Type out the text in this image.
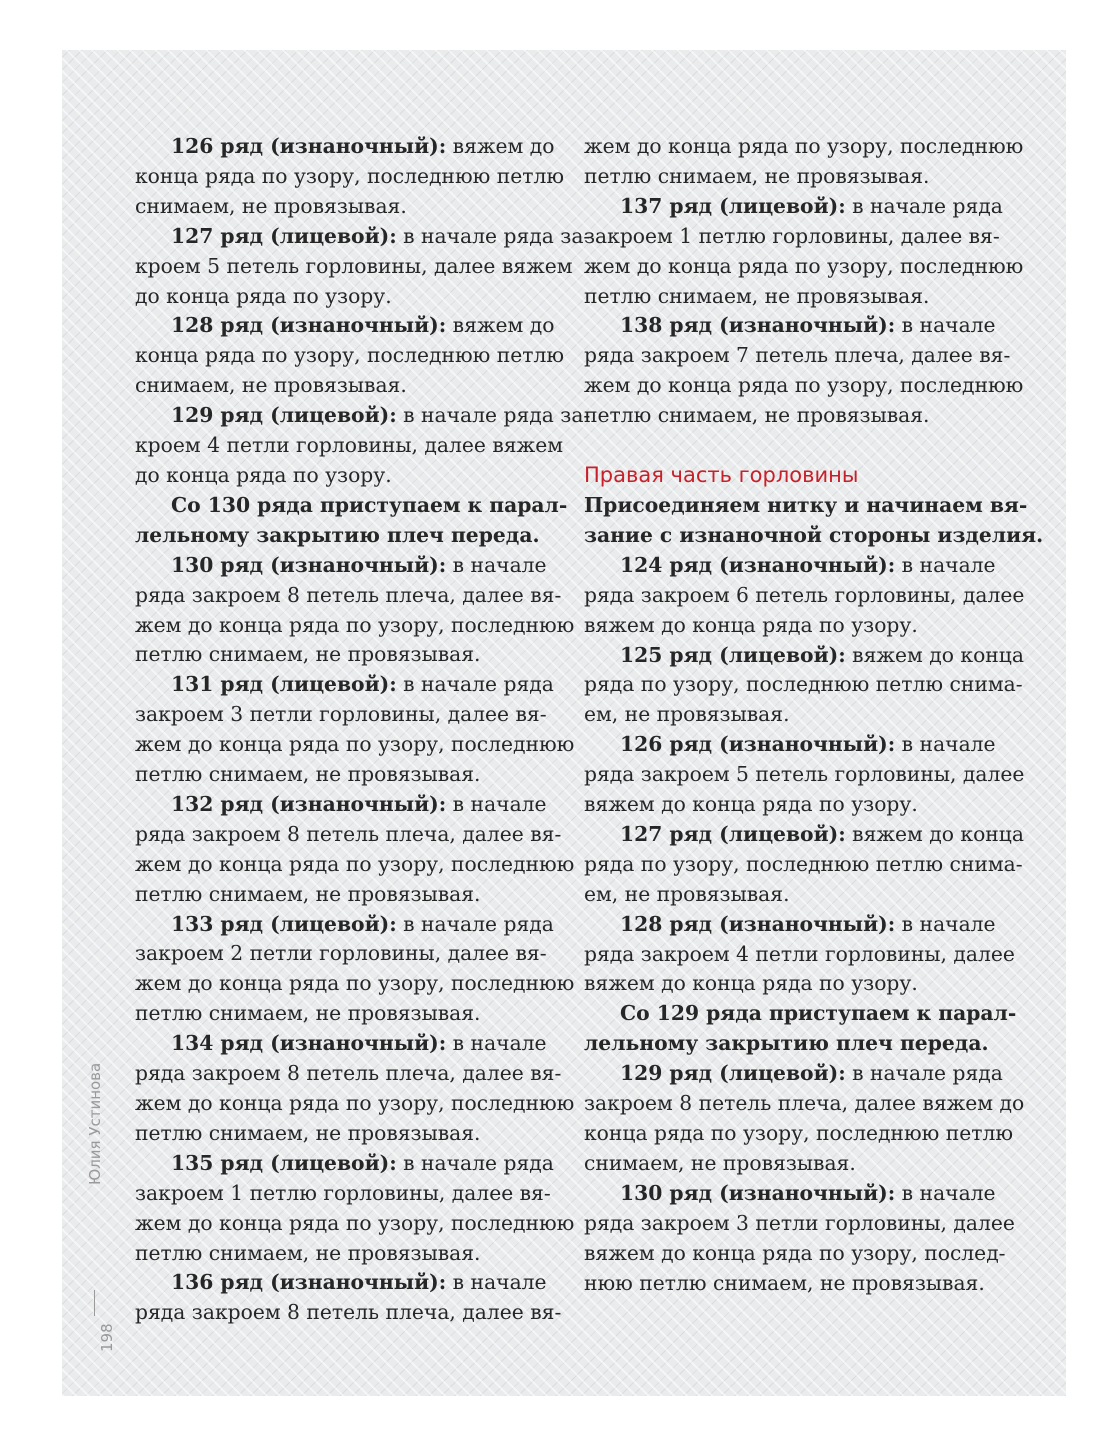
126 ряд (изнаночный): вяжем до
конца ряда по узору, последнюю петлю
снимаем, не провязывая.
127 ряд (лицевой): в начале ряда за-
кроем 5 петель горловины, далее вяжем
до конца ряда по узору.
128 ряд (изнаночный): вяжем до
конца ряда по узору, последнюю петлю
снимаем, не провязывая.
129 ряд (лицевой): в начале ряда за-
кроем 4 петли горловины, далее вяжем
до конца ряда по узору.
Со 130 ряда приступаем к парал-
лельному закрытию плеч переда.
130 ряд (изнаночный): в начале
ряда закроем 8 петель плеча, далее вя-
жем до конца ряда по узору, последнюю
петлю снимаем, не провязывая.
131 ряд (лицевой): в начале ряда
закроем 3 петли горловины, далее вя-
жем до конца ряда по узору, последнюю
петлю снимаем, не провязывая.
132 ряд (изнаночный): в начале
ряда закроем 8 петель плеча, далее вя-
жем до конца ряда по узору, последнюю
петлю снимаем, не провязывая.
133 ряд (лицевой): в начале ряда
закроем 2 петли горловины, далее вя-
жем до конца ряда по узору, последнюю
петлю снимаем, не провязывая.
134 ряд (изнаночный): в начале
ряда закроем 8 петель плеча, далее вя-
жем до конца ряда по узору, последнюю
петлю снимаем, не провязывая.
135 ряд (лицевой): в начале ряда
закроем 1 петлю горловины, далее вя-
жем до конца ряда по узору, последнюю
петлю снимаем, не провязывая.
136 ряд (изнаночный): в начале
ряда закроем 8 петель плеча, далее вя-
жем до конца ряда по узору, последнюю
петлю снимаем, не провязывая.
137 ряд (лицевой): в начале ряда
закроем 1 петлю горловины, далее вя-
жем до конца ряда по узору, последнюю
петлю снимаем, не провязывая.
138 ряд (изнаночный): в начале
ряда закроем 7 петель плеча, далее вя-
жем до конца ряда по узору, последнюю
петлю снимаем, не провязывая.
Правая часть горловины
Присоединяем нитку и начинаем вя-
зание с изнаночной стороны изделия.
124 ряд (изнаночный): в начале
ряда закроем 6 петель горловины, далее
вяжем до конца ряда по узору.
125 ряд (лицевой): вяжем до конца
ряда по узору, последнюю петлю снима-
ем, не провязывая.
126 ряд (изнаночный): в начале
ряда закроем 5 петель горловины, далее
вяжем до конца ряда по узору.
127 ряд (лицевой): вяжем до конца
ряда по узору, последнюю петлю снима-
ем, не провязывая.
128 ряд (изнаночный): в начале
ряда закроем 4 петли горловины, далее
вяжем до конца ряда по узору.
Со 129 ряда приступаем к парал-
лельному закрытию плеч переда.
129 ряд (лицевой): в начале ряда
закроем 8 петель плеча, далее вяжем до
конца ряда по узору, последнюю петлю
снимаем, не провязывая.
130 ряд (изнаночный): в начале
ряда закроем 3 петли горловины, далее
вяжем до конца ряда по узору, послед-
нюю петлю снимаем, не провязывая.
Юлия Устинова
198
